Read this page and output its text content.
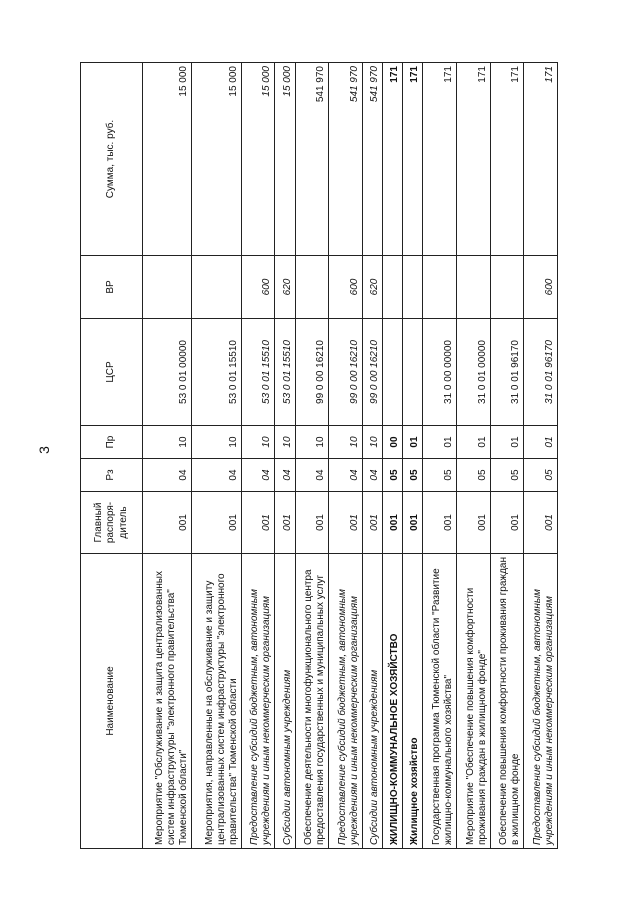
3
Наименование	Главный распоря-дитель	Рз	Пр	ЦСР	ВР	Сумма, тыс. руб.
Мероприятие "Обслуживание и защита централизованных систем инфраструктуры "электронного правительства" Тюменской области"	001	04	10	53 0 01 00000		15 000
Мероприятия, направленные на обслуживание и защиту централизованных систем инфраструктуры "электронного правительства" Тюменской области	001	04	10	53 0 01 15510		15 000
Предоставление субсидий бюджетным, автономным учреждениям и иным некоммерческим организациям	001	04	10	53 0 01 15510	600	15 000
Субсидии автономным учреждениям	001	04	10	53 0 01 15510	620	15 000
Обеспечение деятельности многофункционального центра предоставления государственных и муниципальных услуг	001	04	10	99 0 00 16210		541 970
Предоставление субсидий бюджетным, автономным учреждениям и иным некоммерческим организациям	001	04	10	99 0 00 16210	600	541 970
Субсидии автономным учреждениям	001	04	10	99 0 00 16210	620	541 970
ЖИЛИЩНО-КОММУНАЛЬНОЕ ХОЗЯЙСТВО	001	05	00			171
Жилищное хозяйство	001	05	01			171
Государственная программа Тюменской области "Развитие жилищно-коммунального хозяйства"	001	05	01	31 0 00 00000		171
Мероприятие "Обеспечение повышения комфортности проживания граждан в жилищном фонде"	001	05	01	31 0 01 00000		171
Обеспечение повышения комфортности проживания граждан в жилищном фонде	001	05	01	31 0 01 96170		171
Предоставление субсидий бюджетным, автономным учреждениям и иным некоммерческим организациям	001	05	01	31 0 01 96170	600	171
